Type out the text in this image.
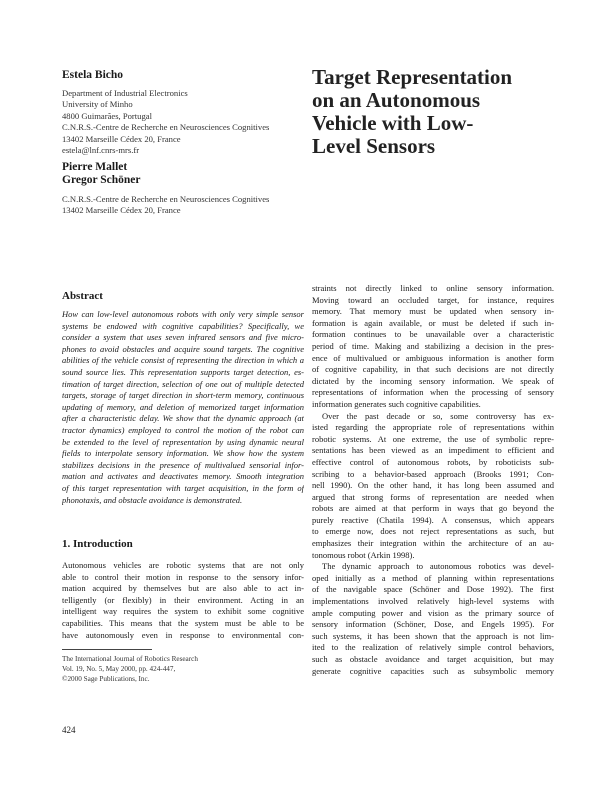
Estela Bicho
Department of Industrial Electronics
University of Minho
4800 Guimarães, Portugal
C.N.R.S.-Centre de Recherche en Neurosciences Cognitives
13402 Marseille Cédex 20, France
estela@lnf.cnrs-mrs.fr
Pierre Mallet
Gregor Schöner
C.N.R.S.-Centre de Recherche en Neurosciences Cognitives
13402 Marseille Cédex 20, France
Target Representation
on an Autonomous
Vehicle with Low-
Level Sensors
Abstract
How can low-level autonomous robots with only very simple sensor
systems be endowed with cognitive capabilities? Specifically, we
consider a system that uses seven infrared sensors and five micro-
phones to avoid obstacles and acquire sound targets. The cognitive
abilities of the vehicle consist of representing the direction in which a
sound source lies. This representation supports target detection, es-
timation of target direction, selection of one out of multiple detected
targets, storage of target direction in short-term memory, continuous
updating of memory, and deletion of memorized target information
after a characteristic delay. We show that the dynamic approach (at
tractor dynamics) employed to control the motion of the robot can
be extended to the level of representation by using dynamic neural
fields to interpolate sensory information. We show how the system
stabilizes decisions in the presence of multivalued sensorial infor-
mation and activates and deactivates memory. Smooth integration
of this target representation with target acquisition, in the form of
phonotaxis, and obstacle avoidance is demonstrated.
1. Introduction
Autonomous vehicles are robotic systems that are not only
able to control their motion in response to the sensory infor-
mation acquired by themselves but are also able to act in-
telligently (or flexibly) in their environment. Acting in an
intelligent way requires the system to exhibit some cognitive
capabilities. This means that the system must be able to be
have autonomously even in response to environmental con-
The International Journal of Robotics Research
Vol. 19, No. 5, May 2000, pp. 424-447,
©2000 Sage Publications, Inc.
424
straints not directly linked to online sensory information.
Moving toward an occluded target, for instance, requires
memory. That memory must be updated when sensory in-
formation is again available, or must be deleted if such in-
formation continues to be unavailable over a characteristic
period of time. Making and stabilizing a decision in the pres-
ence of multivalued or ambiguous information is another form
of cognitive capability, in that such decisions are not directly
dictated by the incoming sensory information. We speak of
representations of information when the processing of sensory
information generates such cognitive capabilities.
Over the past decade or so, some controversy has ex-
isted regarding the appropriate role of representations within
robotic systems. At one extreme, the use of symbolic repre-
sentations has been viewed as an impediment to efficient and
effective control of autonomous robots, by roboticists sub-
scribing to a behavior-based approach (Brooks 1991; Con-
nell 1990). On the other hand, it has long been assumed and
argued that strong forms of representation are needed when
robots are aimed at that perform in ways that go beyond the
purely reactive (Chatila 1994). A consensus, which appears
to emerge now, does not reject representations as such, but
emphasizes their integration within the architecture of an au-
tonomous robot (Arkin 1998).
The dynamic approach to autonomous robotics was devel-
oped initially as a method of planning within representations
of the navigable space (Schöner and Dose 1992). The first
implementations involved relatively high-level systems with
ample computing power and vision as the primary source of
sensory information (Schöner, Dose, and Engels 1995). For
such systems, it has been shown that the approach is not lim-
ited to the realization of relatively simple control behaviors,
such as obstacle avoidance and target acquisition, but may
generate cognitive capacities such as subsymbolic memory
